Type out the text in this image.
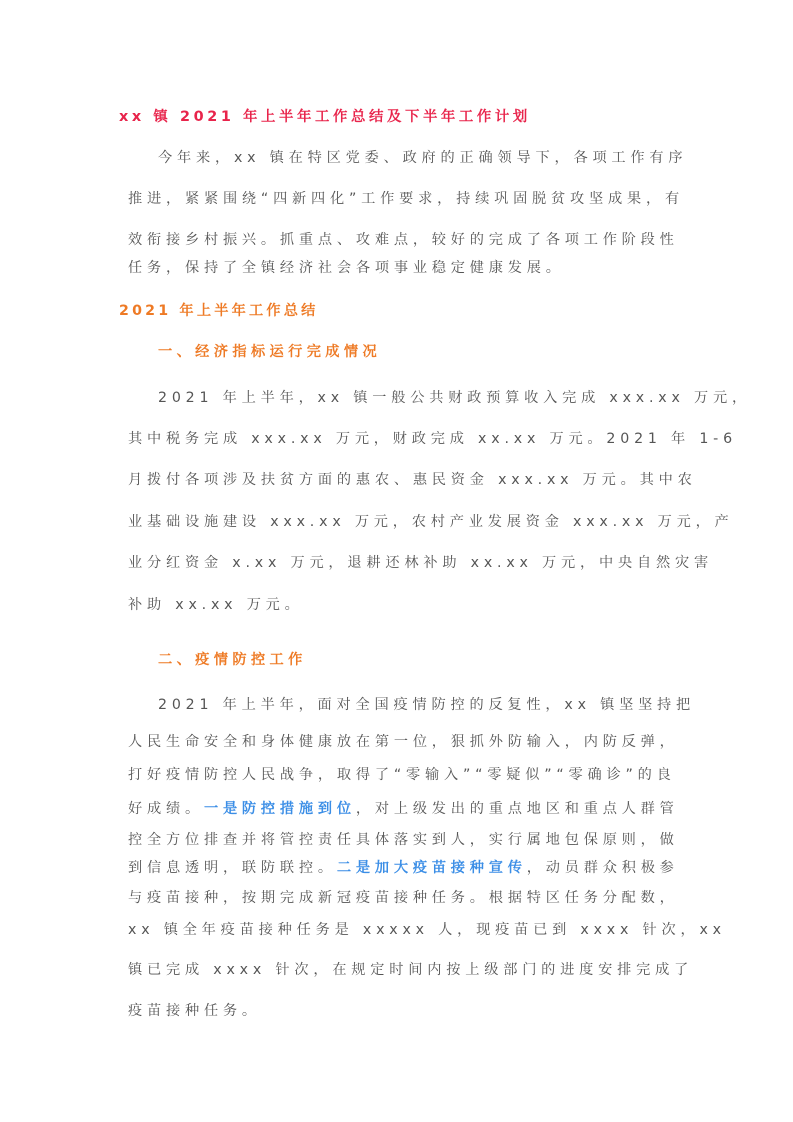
xx 镇 2021 年上半年工作总结及下半年工作计划
今年来，xx 镇在特区党委、政府的正确领导下，各项工作有序
推进，紧紧围绕“四新四化”工作要求，持续巩固脱贫攻坚成果，有
效衔接乡村振兴。抓重点、攻难点，较好的完成了各项工作阶段性
任务，保持了全镇经济社会各项事业稳定健康发展。
2021 年上半年工作总结
一、经济指标运行完成情况
2021 年上半年，xx 镇一般公共财政预算收入完成 xxx.xx 万元，
其中税务完成 xxx.xx 万元，财政完成 xx.xx 万元。2021 年 1-6
月拨付各项涉及扶贫方面的惠农、惠民资金 xxx.xx 万元。其中农
业基础设施建设 xxx.xx 万元，农村产业发展资金 xxx.xx 万元，产
业分红资金 x.xx 万元，退耕还林补助 xx.xx 万元，中央自然灾害
补助 xx.xx 万元。
二、疫情防控工作
2021 年上半年，面对全国疫情防控的反复性，xx 镇坚坚持把
人民生命安全和身体健康放在第一位，狠抓外防输入，内防反弹，
打好疫情防控人民战争，取得了“零输入”“零疑似”“零确诊”的良
好成绩。一是防控措施到位，对上级发出的重点地区和重点人群管
控全方位排查并将管控责任具体落实到人，实行属地包保原则，做
到信息透明，联防联控。二是加大疫苗接种宣传，动员群众积极参
与疫苗接种，按期完成新冠疫苗接种任务。根据特区任务分配数，
xx 镇全年疫苗接种任务是 xxxxx 人，现疫苗已到 xxxx 针次，xx
镇已完成 xxxx 针次，在规定时间内按上级部门的进度安排完成了
疫苗接种任务。
